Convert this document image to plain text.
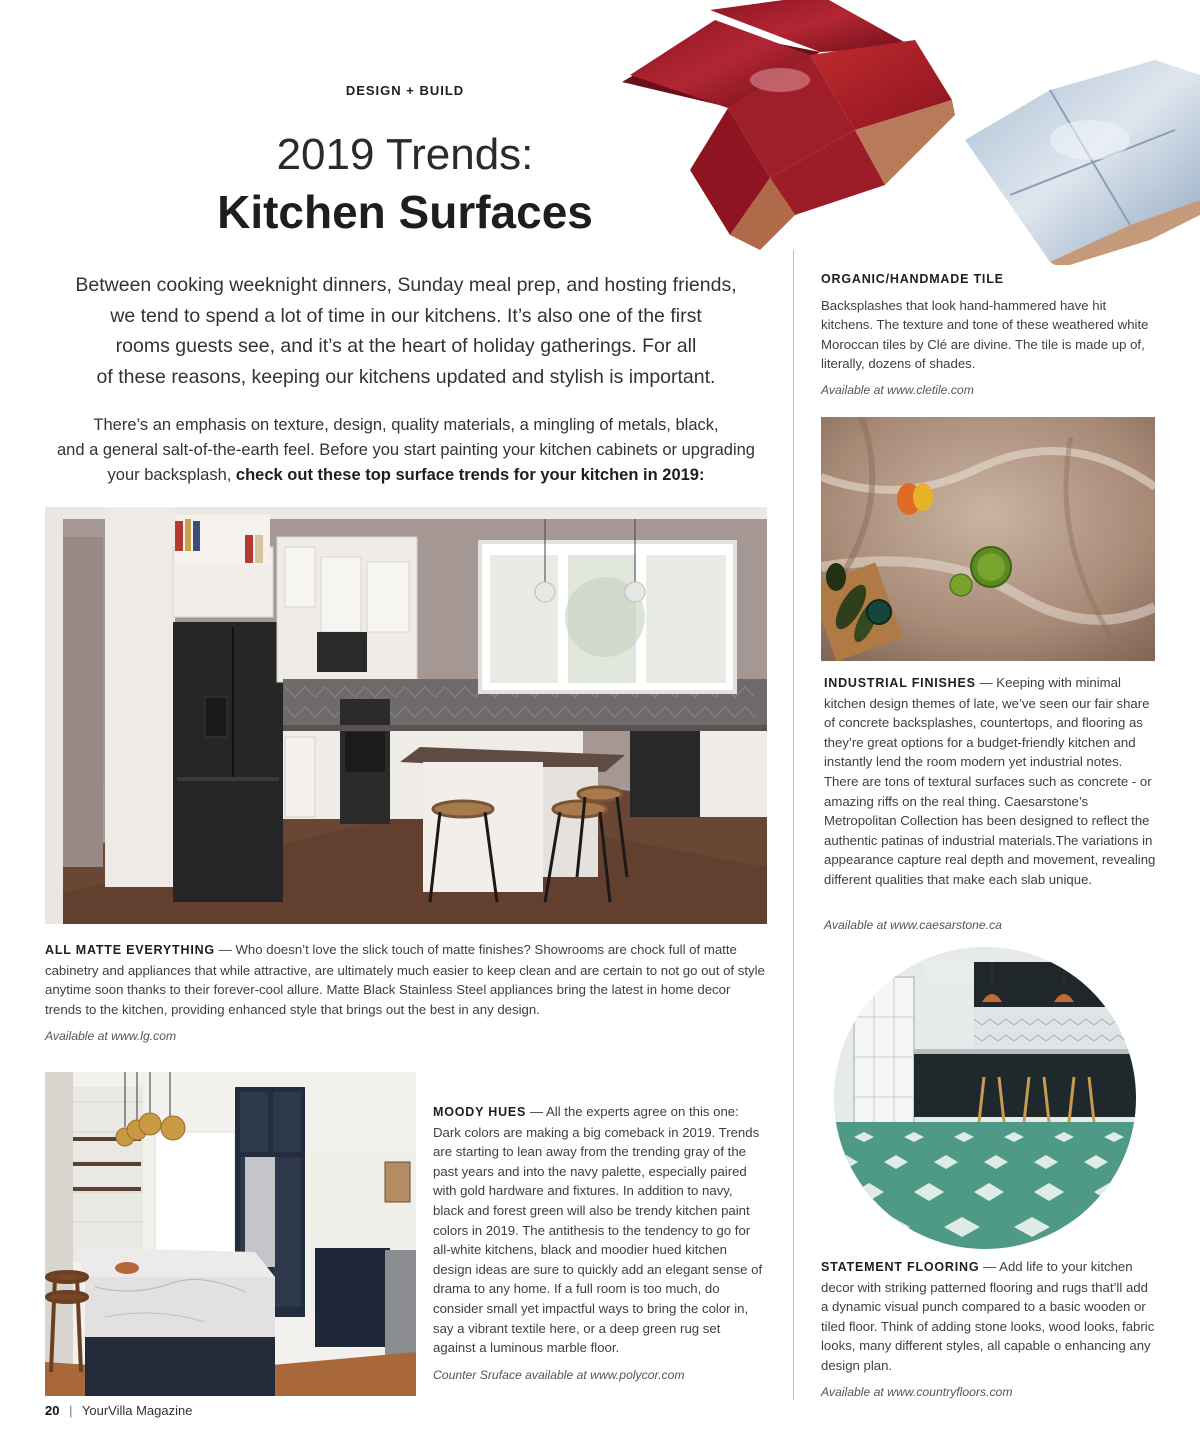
DESIGN + BUILD
2019 Trends:
Kitchen Surfaces
Between cooking weeknight dinners, Sunday meal prep, and hosting friends,
we tend to spend a lot of time in our kitchens. It’s also one of the first
rooms guests see, and it’s at the heart of holiday gatherings. For all
of these reasons, keeping our kitchens updated and stylish is important.
There’s an emphasis on texture, design, quality materials, a mingling of metals, black,
and a general salt-of-the-earth feel. Before you start painting your kitchen cabinets or upgrading
your backsplash, check out these top surface trends for your kitchen in 2019:
ALL MATTE EVERYTHING — Who doesn’t love the slick touch of matte finishes? Showrooms are chock full of matte cabinetry and appliances that while attractive, are ultimately much easier to keep clean and are certain to not go out of style anytime soon thanks to their forever-cool allure. Matte Black Stainless Steel appliances bring the latest in home decor trends to the kitchen, providing enhanced style that brings out the best in any design.
Available at www.lg.com
MOODY HUES — All the experts agree on this one: Dark colors are making a big comeback in 2019. Trends are starting to lean away from the trending gray of the past years and into the navy palette, especially paired with gold hardware and fixtures. In addition to navy, black and forest green will also be trendy kitchen paint colors in 2019. The antithesis to the tendency to go for all-white kitchens, black and moodier hued kitchen design ideas are sure to quickly add an elegant sense of drama to any home. If a full room is too much, do consider small yet impactful ways to bring the color in, say a vibrant textile here, or a deep green rug set against a luminous marble floor.
Counter Sruface available at www.polycor.com
ORGANIC/HANDMADE TILE
Backsplashes that look hand-hammered have hit kitchens. The texture and tone of these weathered white Moroccan tiles by Clé are divine. The tile is made up of, literally, dozens of shades.
Available at www.cletile.com
INDUSTRIAL FINISHES — Keeping with minimal kitchen design themes of late, we’ve seen our fair share of concrete backsplashes, countertops, and flooring as they’re great options for a budget-friendly kitchen and instantly lend the room modern yet industrial notes. There are tons of textural surfaces such as concrete - or amazing riffs on the real thing. Caesarstone’s Metropolitan Collection has been designed to reflect the authentic patinas of industrial materials.The variations in appearance capture real depth and movement, revealing different qualities that make each slab unique.
Available at www.caesarstone.ca
STATEMENT FLOORING — Add life to your kitchen decor with striking patterned flooring and rugs that’ll add a dynamic visual punch compared to a basic wooden or tiled floor. Think of adding stone looks, wood looks, fabric looks, many different styles, all capable o enhancing any design plan.
Available at www.countryfloors.com
20 | YourVilla Magazine
